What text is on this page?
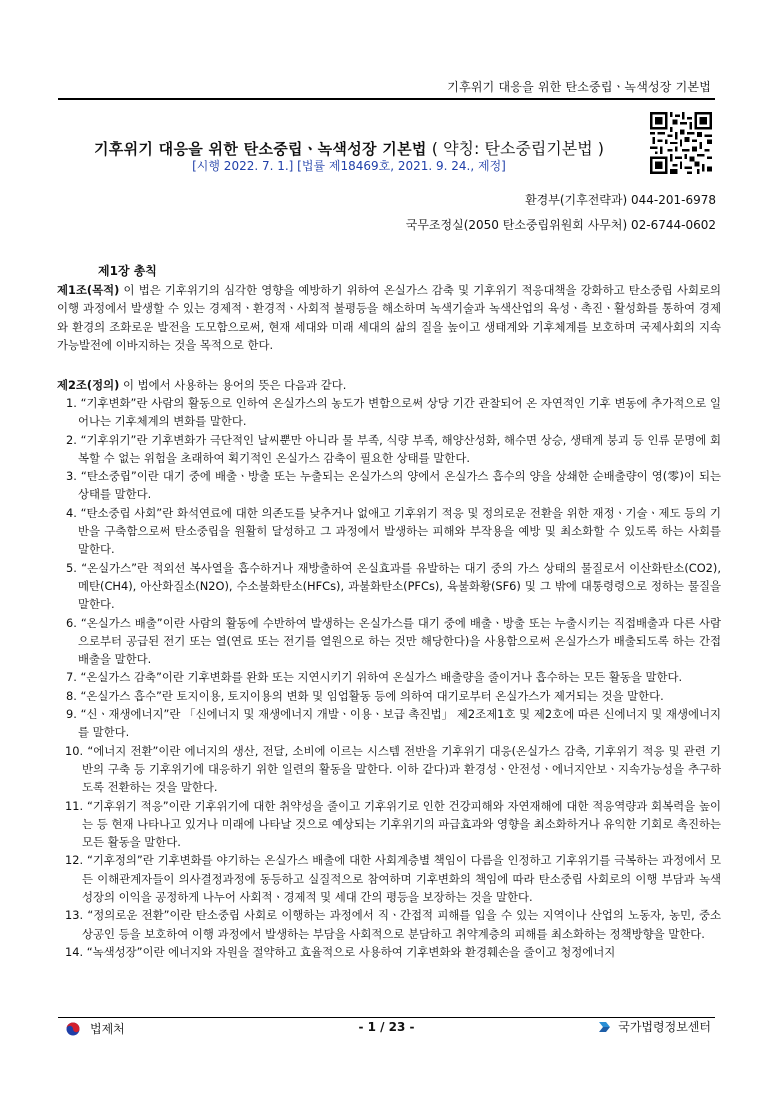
기후위기 대응을 위한 탄소중립ㆍ녹색성장 기본법
기후위기 대응을 위한 탄소중립ㆍ녹색성장 기본법 ( 약칭: 탄소중립기본법 )
[시행 2022. 7. 1.] [법률 제18469호, 2021. 9. 24., 제정]
환경부(기후전략과) 044-201-6978
국무조정실(2050 탄소중립위원회 사무처) 02-6744-0602
제1장 총칙
제1조(목적) 이 법은 기후위기의 심각한 영향을 예방하기 위하여 온실가스 감축 및 기후위기 적응대책을 강화하고 탄소중립 사회로의 이행 과정에서 발생할 수 있는 경제적ㆍ환경적ㆍ사회적 불평등을 해소하며 녹색기술과 녹색산업의 육성ㆍ촉진ㆍ활성화를 통하여 경제와 환경의 조화로운 발전을 도모함으로써, 현재 세대와 미래 세대의 삶의 질을 높이고 생태계와 기후체계를 보호하며 국제사회의 지속가능발전에 이바지하는 것을 목적으로 한다.
제2조(정의) 이 법에서 사용하는 용어의 뜻은 다음과 같다.
1. “기후변화”란 사람의 활동으로 인하여 온실가스의 농도가 변함으로써 상당 기간 관찰되어 온 자연적인 기후 변동에 추가적으로 일어나는 기후체계의 변화를 말한다.
2. “기후위기”란 기후변화가 극단적인 날씨뿐만 아니라 물 부족, 식량 부족, 해양산성화, 해수면 상승, 생태계 붕괴 등 인류 문명에 회복할 수 없는 위험을 초래하여 획기적인 온실가스 감축이 필요한 상태를 말한다.
3. “탄소중립”이란 대기 중에 배출ㆍ방출 또는 누출되는 온실가스의 양에서 온실가스 흡수의 양을 상쇄한 순배출량이 영(零)이 되는 상태를 말한다.
4. “탄소중립 사회”란 화석연료에 대한 의존도를 낮추거나 없애고 기후위기 적응 및 정의로운 전환을 위한 재정ㆍ기술ㆍ제도 등의 기반을 구축함으로써 탄소중립을 원활히 달성하고 그 과정에서 발생하는 피해와 부작용을 예방 및 최소화할 수 있도록 하는 사회를 말한다.
5. “온실가스”란 적외선 복사열을 흡수하거나 재방출하여 온실효과를 유발하는 대기 중의 가스 상태의 물질로서 이산화탄소(CO2), 메탄(CH4), 아산화질소(N2O), 수소불화탄소(HFCs), 과불화탄소(PFCs), 육불화황(SF6) 및 그 밖에 대통령령으로 정하는 물질을 말한다.
6. “온실가스 배출”이란 사람의 활동에 수반하여 발생하는 온실가스를 대기 중에 배출ㆍ방출 또는 누출시키는 직접배출과 다른 사람으로부터 공급된 전기 또는 열(연료 또는 전기를 열원으로 하는 것만 해당한다)을 사용함으로써 온실가스가 배출되도록 하는 간접배출을 말한다.
7. “온실가스 감축”이란 기후변화를 완화 또는 지연시키기 위하여 온실가스 배출량을 줄이거나 흡수하는 모든 활동을 말한다.
8. “온실가스 흡수”란 토지이용, 토지이용의 변화 및 임업활동 등에 의하여 대기로부터 온실가스가 제거되는 것을 말한다.
9. “신ㆍ재생에너지”란 「신에너지 및 재생에너지 개발ㆍ이용ㆍ보급 촉진법」 제2조제1호 및 제2호에 따른 신에너지 및 재생에너지를 말한다.
10. “에너지 전환”이란 에너지의 생산, 전달, 소비에 이르는 시스템 전반을 기후위기 대응(온실가스 감축, 기후위기 적응 및 관련 기반의 구축 등 기후위기에 대응하기 위한 일련의 활동을 말한다. 이하 같다)과 환경성ㆍ안전성ㆍ에너지안보ㆍ지속가능성을 추구하도록 전환하는 것을 말한다.
11. “기후위기 적응”이란 기후위기에 대한 취약성을 줄이고 기후위기로 인한 건강피해와 자연재해에 대한 적응역량과 회복력을 높이는 등 현재 나타나고 있거나 미래에 나타날 것으로 예상되는 기후위기의 파급효과와 영향을 최소화하거나 유익한 기회로 촉진하는 모든 활동을 말한다.
12. “기후정의”란 기후변화를 야기하는 온실가스 배출에 대한 사회계층별 책임이 다름을 인정하고 기후위기를 극복하는 과정에서 모든 이해관계자들이 의사결정과정에 동등하고 실질적으로 참여하며 기후변화의 책임에 따라 탄소중립 사회로의 이행 부담과 녹색성장의 이익을 공정하게 나누어 사회적ㆍ경제적 및 세대 간의 평등을 보장하는 것을 말한다.
13. “정의로운 전환”이란 탄소중립 사회로 이행하는 과정에서 직ㆍ간접적 피해를 입을 수 있는 지역이나 산업의 노동자, 농민, 중소상공인 등을 보호하여 이행 과정에서 발생하는 부담을 사회적으로 분담하고 취약계층의 피해를 최소화하는 정책방향을 말한다.
14. “녹색성장”이란 에너지와 자원을 절약하고 효율적으로 사용하여 기후변화와 환경훼손을 줄이고 청정에너지
법제처	- 1 / 23 -	국가법령정보센터
